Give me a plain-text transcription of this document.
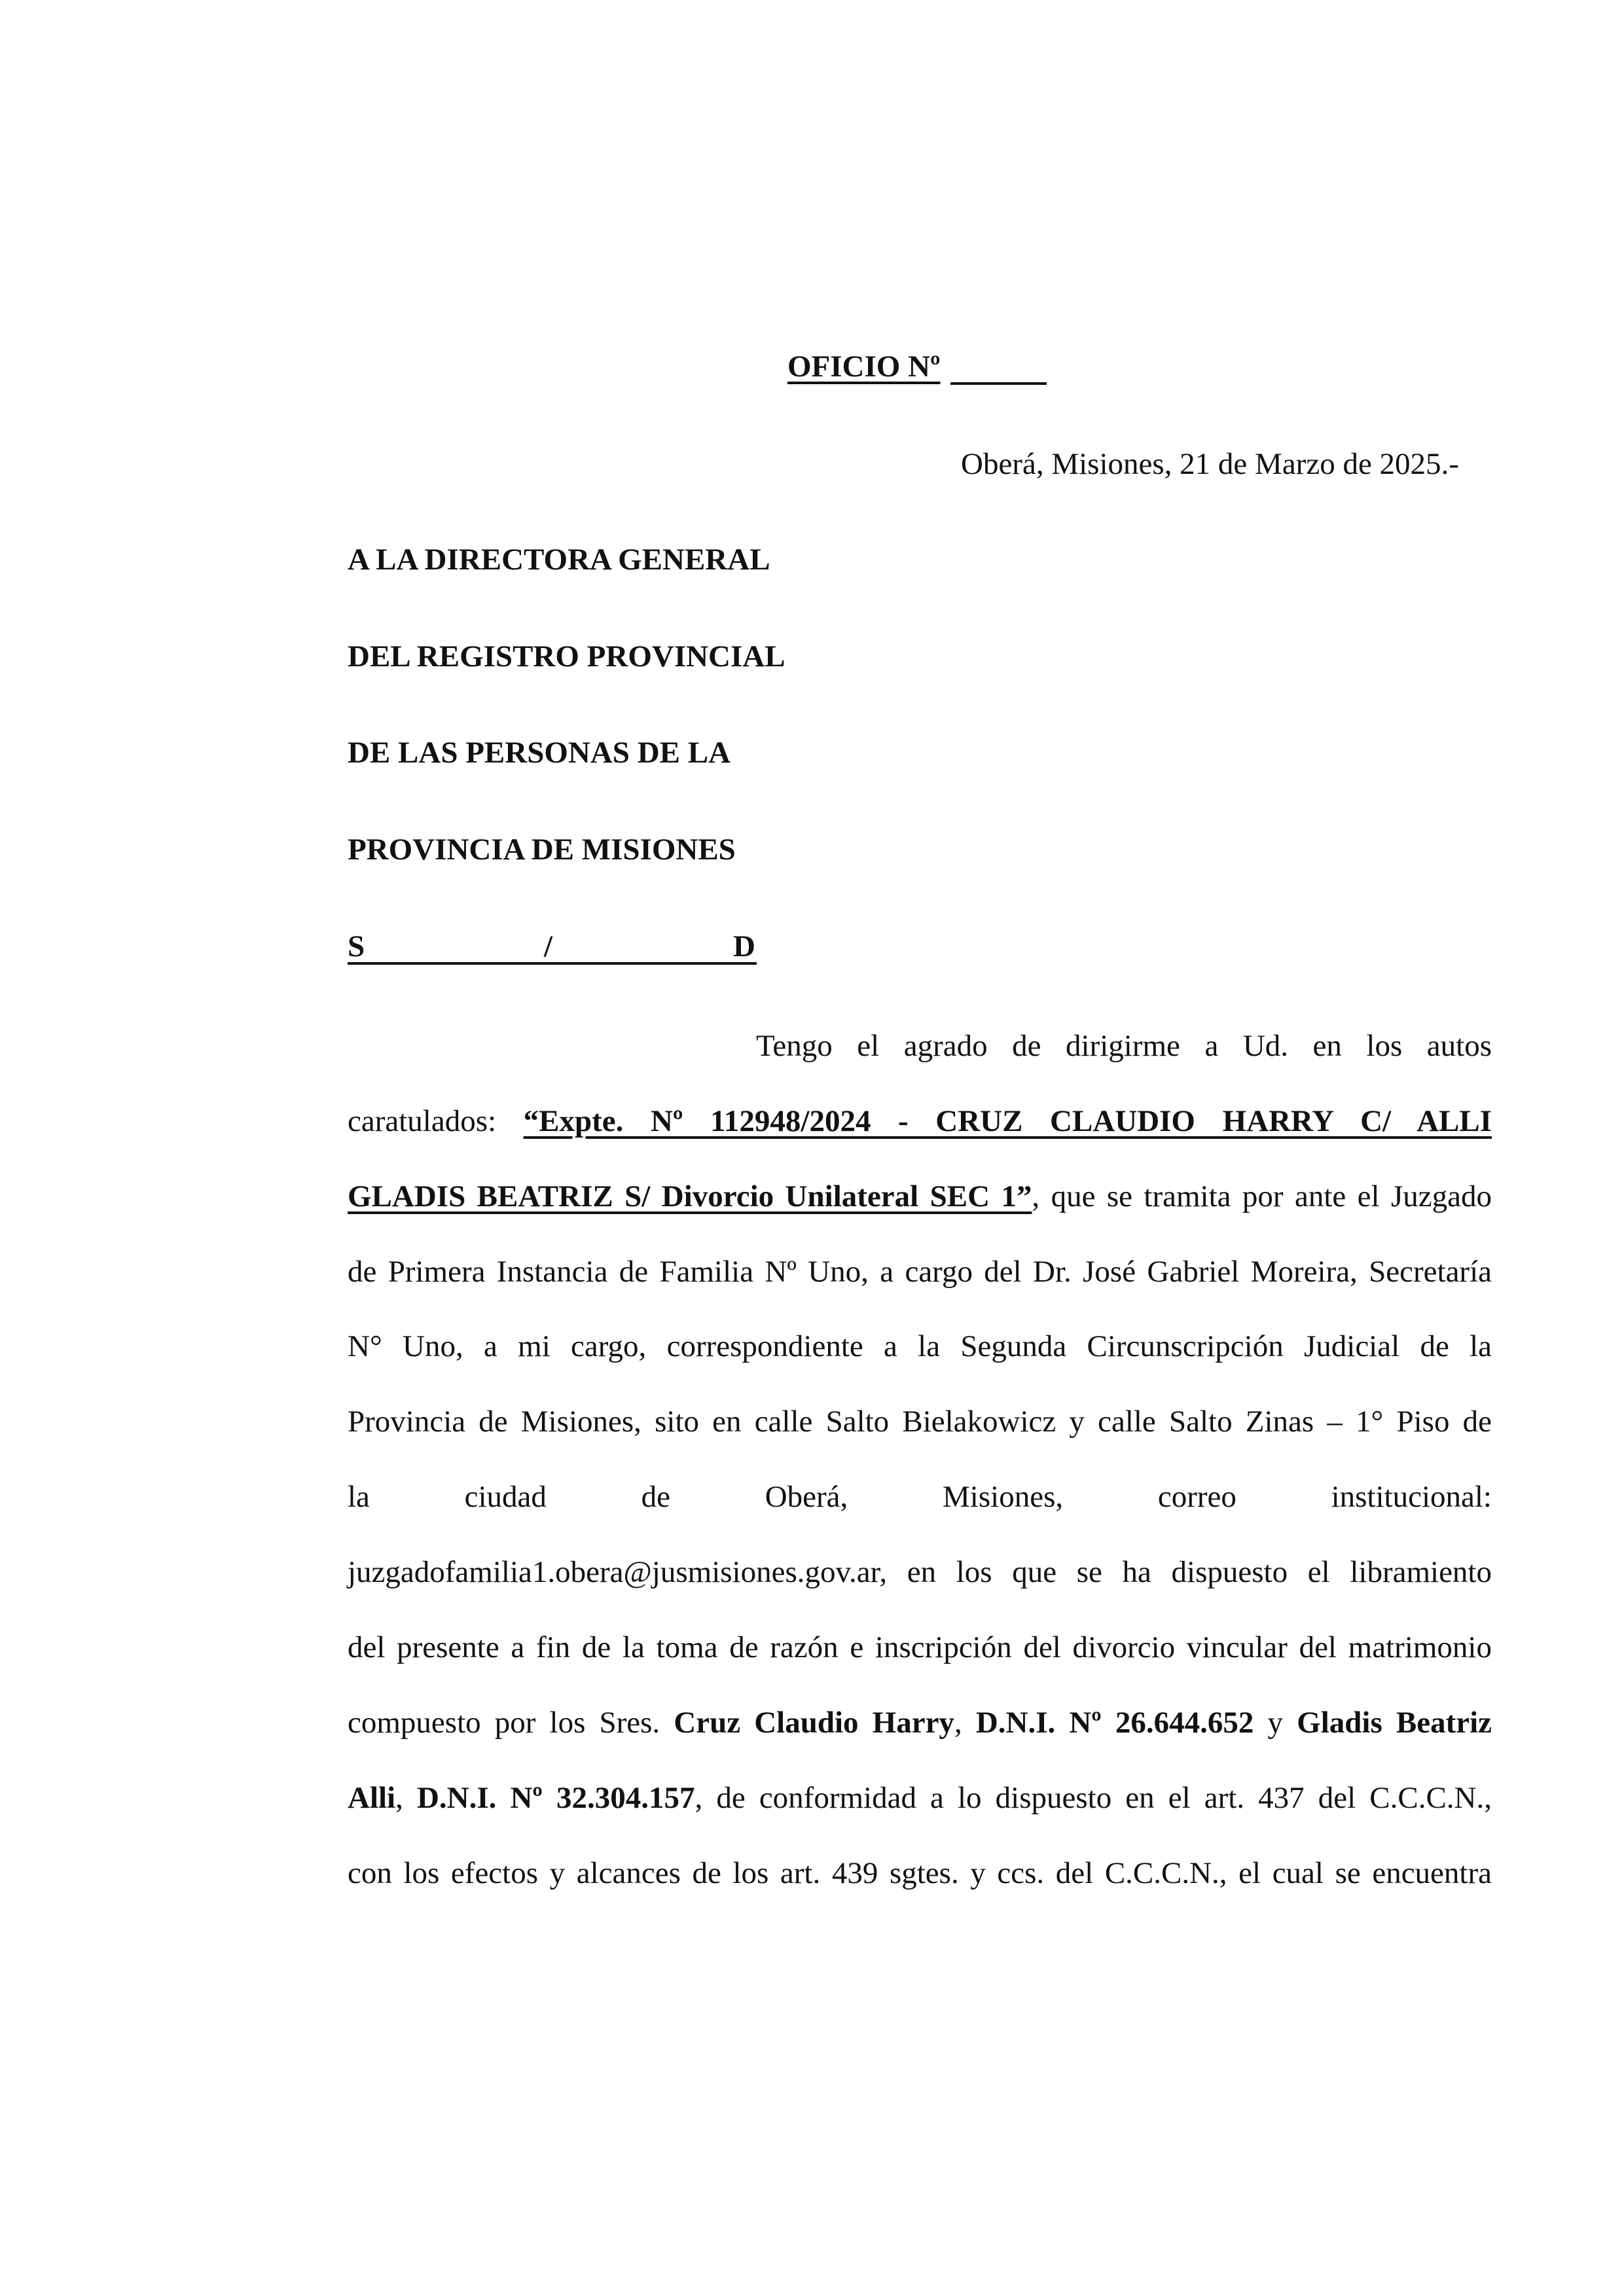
OFICIO Nº
Oberá, Misiones, 21 de Marzo de 2025.-
A LA DIRECTORA GENERAL
DEL REGISTRO PROVINCIAL
DE LAS PERSONAS DE LA
PROVINCIA DE MISIONES
S	/	D
Tengo el agrado de dirigirme a Ud. en los autos
caratulados: “Expte. Nº 112948/2024 - CRUZ CLAUDIO HARRY C/ ALLI
GLADIS BEATRIZ S/ Divorcio Unilateral SEC 1”, que se tramita por ante el Juzgado
de Primera Instancia de Familia Nº Uno, a cargo del Dr. José Gabriel Moreira, Secretaría
N° Uno, a mi cargo, correspondiente a la Segunda Circunscripción Judicial de la
Provincia de Misiones, sito en calle Salto Bielakowicz y calle Salto Zinas – 1° Piso de
la ciudad de Oberá, Misiones, correo institucional:
juzgadofamilia1.obera@jusmisiones.gov.ar, en los que se ha dispuesto el libramiento
del presente a fin de la toma de razón e inscripción del divorcio vincular del matrimonio
compuesto por los Sres. Cruz Claudio Harry, D.N.I. Nº 26.644.652 y Gladis Beatriz
Alli, D.N.I. Nº 32.304.157, de conformidad a lo dispuesto en el art. 437 del C.C.C.N.,
con los efectos y alcances de los art. 439 sgtes. y ccs. del C.C.C.N., el cual se encuentra
